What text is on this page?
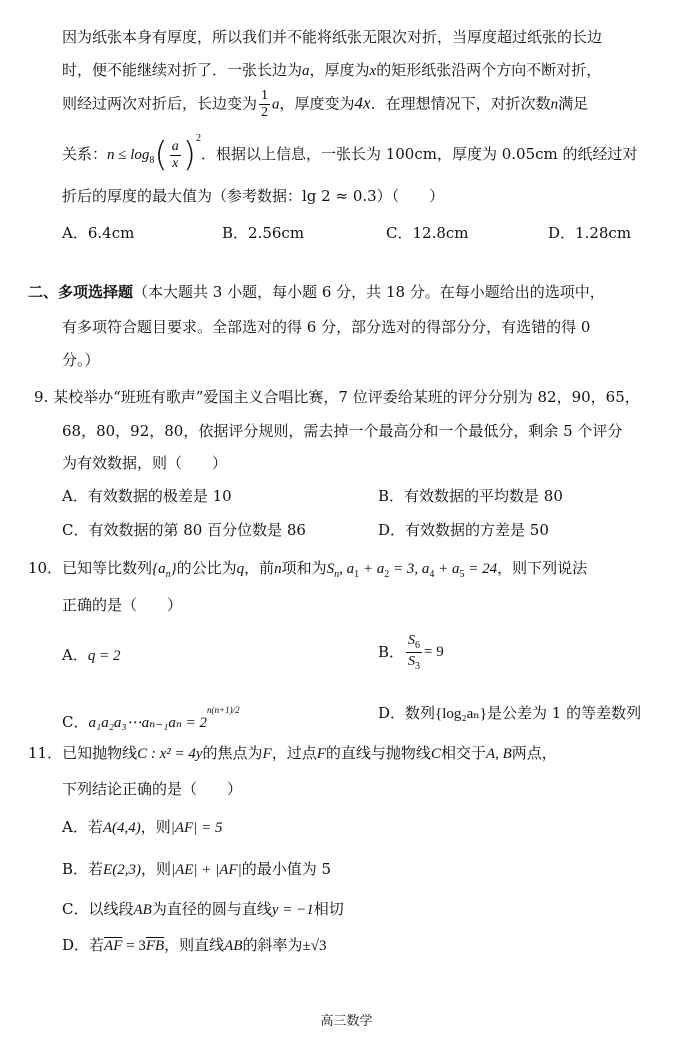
因为纸张本身有厚度，所以我们并不能将纸张无限次对折，当厚度超过纸张的长边
时，便不能继续对折了．一张长边为a，厚度为x的矩形纸张沿两个方向不断对折，
则经过两次对折后，长边变为 $\frac{1}{2}$ a，厚度变为4x．在理想情况下，对折次数n满足
关系：$n \le \log_8( \frac{a}{x} )^2$．根据以上信息，一张长为 100cm，厚度为 0.05cm 的纸经过对
折后的厚度的最大值为（参考数据：lg 2 ≈ 0.3）（　　）
A．6.4cm	B．2.56cm	C．12.8cm	D．1.28cm
二、多项选择题（本大题共 3 小题，每小题 6 分，共 18 分。在每小题给出的选项中，
有多项符合题目要求。全部选对的得 6 分，部分选对的得部分分，有选错的得 0
分。）
9. 某校举办“班班有歌声”爱国主义合唱比赛，7 位评委给某班的评分分别为 82，90，65，
68，80，92，80，依据评分规则，需去掉一个最高分和一个最低分，剩余 5 个评分
为有效数据，则（　　）
A．有效数据的极差是 10	B．有效数据的平均数是 80
C．有效数据的第 80 百分位数是 86	D．有效数据的方差是 50
10．已知等比数列$\{a_n\}$的公比为q，前n项和为$S_n$, $a_1 + a_2 = 3$, $a_4 + a_5 = 24$，则下列说法
正确的是（　　）
A．q = 2	B． $\frac{S_6}{S_3} = 9$
C．a₁a₂a₃⋯aₙ₋₁aₙ = $2^{n(n+1)/2}$	D．数列{log₂aₙ}是公差为 1 的等差数列
11．已知抛物线C : x² = 4y的焦点为F，过点F的直线与抛物线C相交于A, B两点，
下列结论正确的是（　　）
A．若A(4,4)，则|AF| = 5
B．若E(2,3)，则|AE| + |AF|的最小值为 5
C．以线段AB为直径的圆与直线y = −1相切
D．若$\overline{AF} = 3\overline{FB}$，则直线AB的斜率为±√3
高三数学
